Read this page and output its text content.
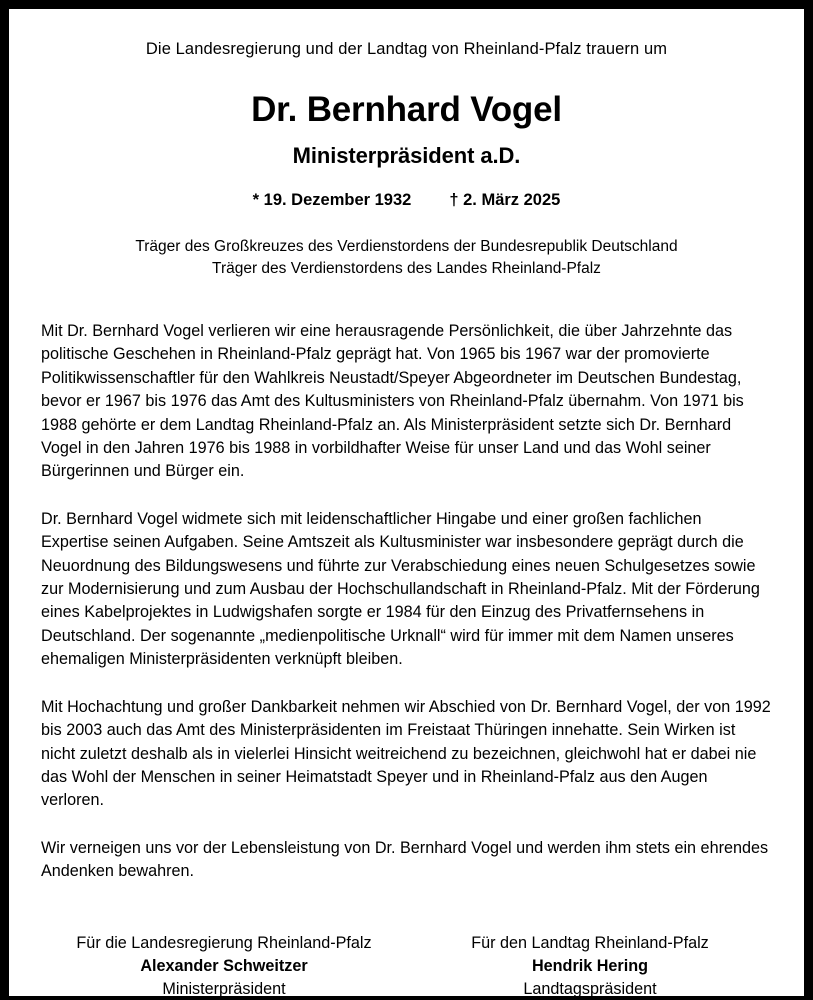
Die Landesregierung und der Landtag von Rheinland-Pfalz trauern um
Dr. Bernhard Vogel
Ministerpräsident a.D.
* 19. Dezember 1932 † 2. März 2025
Träger des Großkreuzes des Verdienstordens der Bundesrepublik Deutschland
Träger des Verdienstordens des Landes Rheinland-Pfalz

Mit Dr. Bernhard Vogel verlieren wir eine herausragende Persönlichkeit, die über Jahrzehnte das politische Geschehen in Rheinland-Pfalz geprägt hat. Von 1965 bis 1967 war der promovierte Politikwissenschaftler für den Wahlkreis Neustadt/Speyer Abgeordneter im Deutschen Bundestag, bevor er 1967 bis 1976 das Amt des Kultusministers von Rheinland-Pfalz übernahm. Von 1971 bis 1988 gehörte er dem Landtag Rheinland-Pfalz an. Als Ministerpräsident setzte sich Dr. Bernhard Vogel in den Jahren 1976 bis 1988 in vorbildhafter Weise für unser Land und das Wohl seiner Bürgerinnen und Bürger ein.

Dr. Bernhard Vogel widmete sich mit leidenschaftlicher Hingabe und einer großen fachlichen Expertise seinen Aufgaben. Seine Amtszeit als Kultusminister war insbesondere geprägt durch die Neuordnung des Bildungswesens und führte zur Verabschiedung eines neuen Schulgesetzes sowie zur Modernisierung und zum Ausbau der Hochschullandschaft in Rheinland-Pfalz. Mit der Förderung eines Kabelprojektes in Ludwigshafen sorgte er 1984 für den Einzug des Privatfernsehens in Deutschland. Der sogenannte „medienpolitische Urknall“ wird für immer mit dem Namen unseres ehemaligen Ministerpräsidenten verknüpft bleiben.

Mit Hochachtung und großer Dankbarkeit nehmen wir Abschied von Dr. Bernhard Vogel, der von 1992 bis 2003 auch das Amt des Ministerpräsidenten im Freistaat Thüringen innehatte. Sein Wirken ist nicht zuletzt deshalb als in vielerlei Hinsicht weitreichend zu bezeichnen, gleichwohl hat er dabei nie das Wohl der Menschen in seiner Heimatstadt Speyer und in Rheinland-Pfalz aus den Augen verloren.

Wir verneigen uns vor der Lebensleistung von Dr. Bernhard Vogel und werden ihm stets ein ehrendes Andenken bewahren.

Für die Landesregierung Rheinland-Pfalz
Alexander Schweitzer
Ministerpräsident
Für den Landtag Rheinland-Pfalz
Hendrik Hering
Landtagspräsident
